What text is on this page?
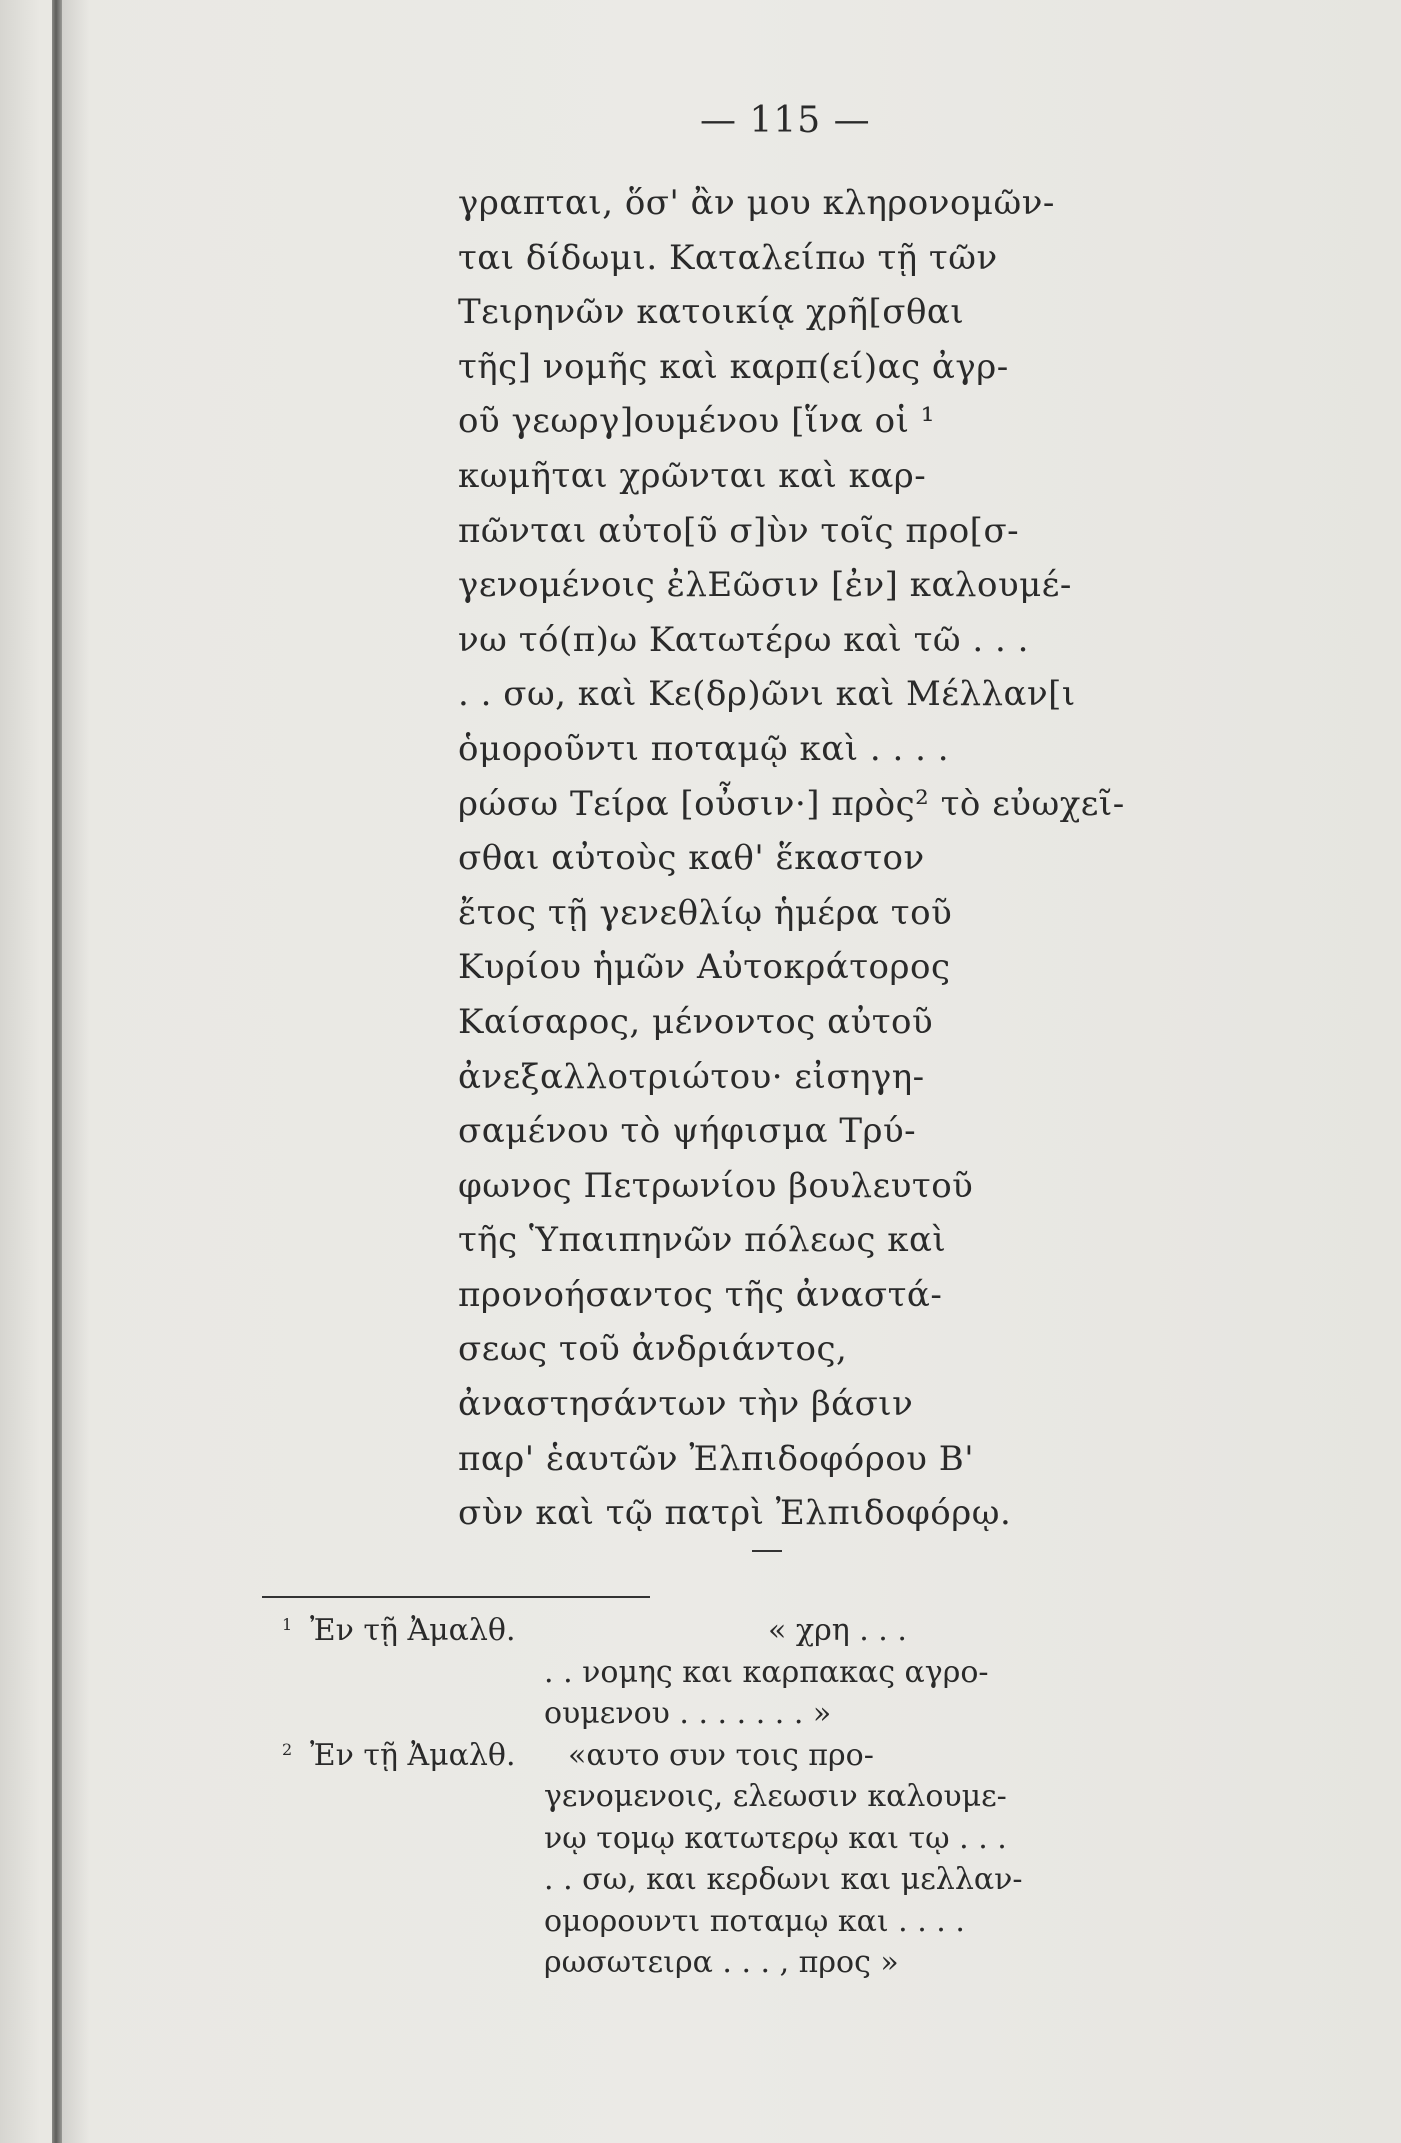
— 115 —
γραπται, ὅσ' ἂν μου κληρονομῶν-
ται δίδωμι. Καταλείπω τῇ τῶν
Τειρηνῶν κατοικίᾳ χρῆ[σθαι
τῆς] νομῆς καὶ καρπ(εί)ας ἀγρ-
οῦ γεωργ]ουμένου [ἵνα οἱ ¹
κωμῆται χρῶνται καὶ καρ-
πῶνται αὐτο[ῦ σ]ὺν τοῖς προ[σ-
γενομένοις ἐλΕῶσιν [ἐν] καλουμέ-
νω τό(π)ω Κατωτέρω καὶ τῶ . . .
. . σω, καὶ Κε(δρ)ῶνι καὶ Μέλλαν[ι
ὁμοροῦντι ποταμῷ καὶ . . . .
ρώσω Τείρα [οὖσιν·] πρὸς² τὸ εὐωχεῖ-
σθαι αὐτοὺς καθ' ἕκαστον
ἔτος τῇ γενεθλίῳ ἡμέρα τοῦ
Κυρίου ἡμῶν Αὐτοκράτορος
Καίσαρος, μένοντος αὐτοῦ
ἀνεξαλλοτριώτου· εἰσηγη-
σαμένου τὸ ψήφισμα Τρύ-
φωνος Πετρωνίου βουλευτοῦ
τῆς Ὑπαιπηνῶν πόλεως καὶ
προνοήσαντος τῆς ἀναστά-
σεως τοῦ ἀνδριάντος,
ἀναστησάντων τὴν βάσιν
παρ' ἑαυτῶν Ἐλπιδοφόρου Β'
σὺν καὶ τῷ πατρὶ Ἐλπιδοφόρῳ.
1 Ἐν τῇ Ἀμαλθ.	« χρη . . .
. . νομης και καρπακας αγρο-
ουμενου . . . . . . . »
2 Ἐν τῇ Ἀμαλθ. «αυτο συν τοις προ-
γενομενοις, ελεωσιν καλουμε-
νῳ τομῳ κατωτερῳ και τῳ . . .
. . σω, και κερδωνι και μελλαν-
ομορουντι ποταμῳ και . . . .
ρωσωτειρα . . . , προς »
